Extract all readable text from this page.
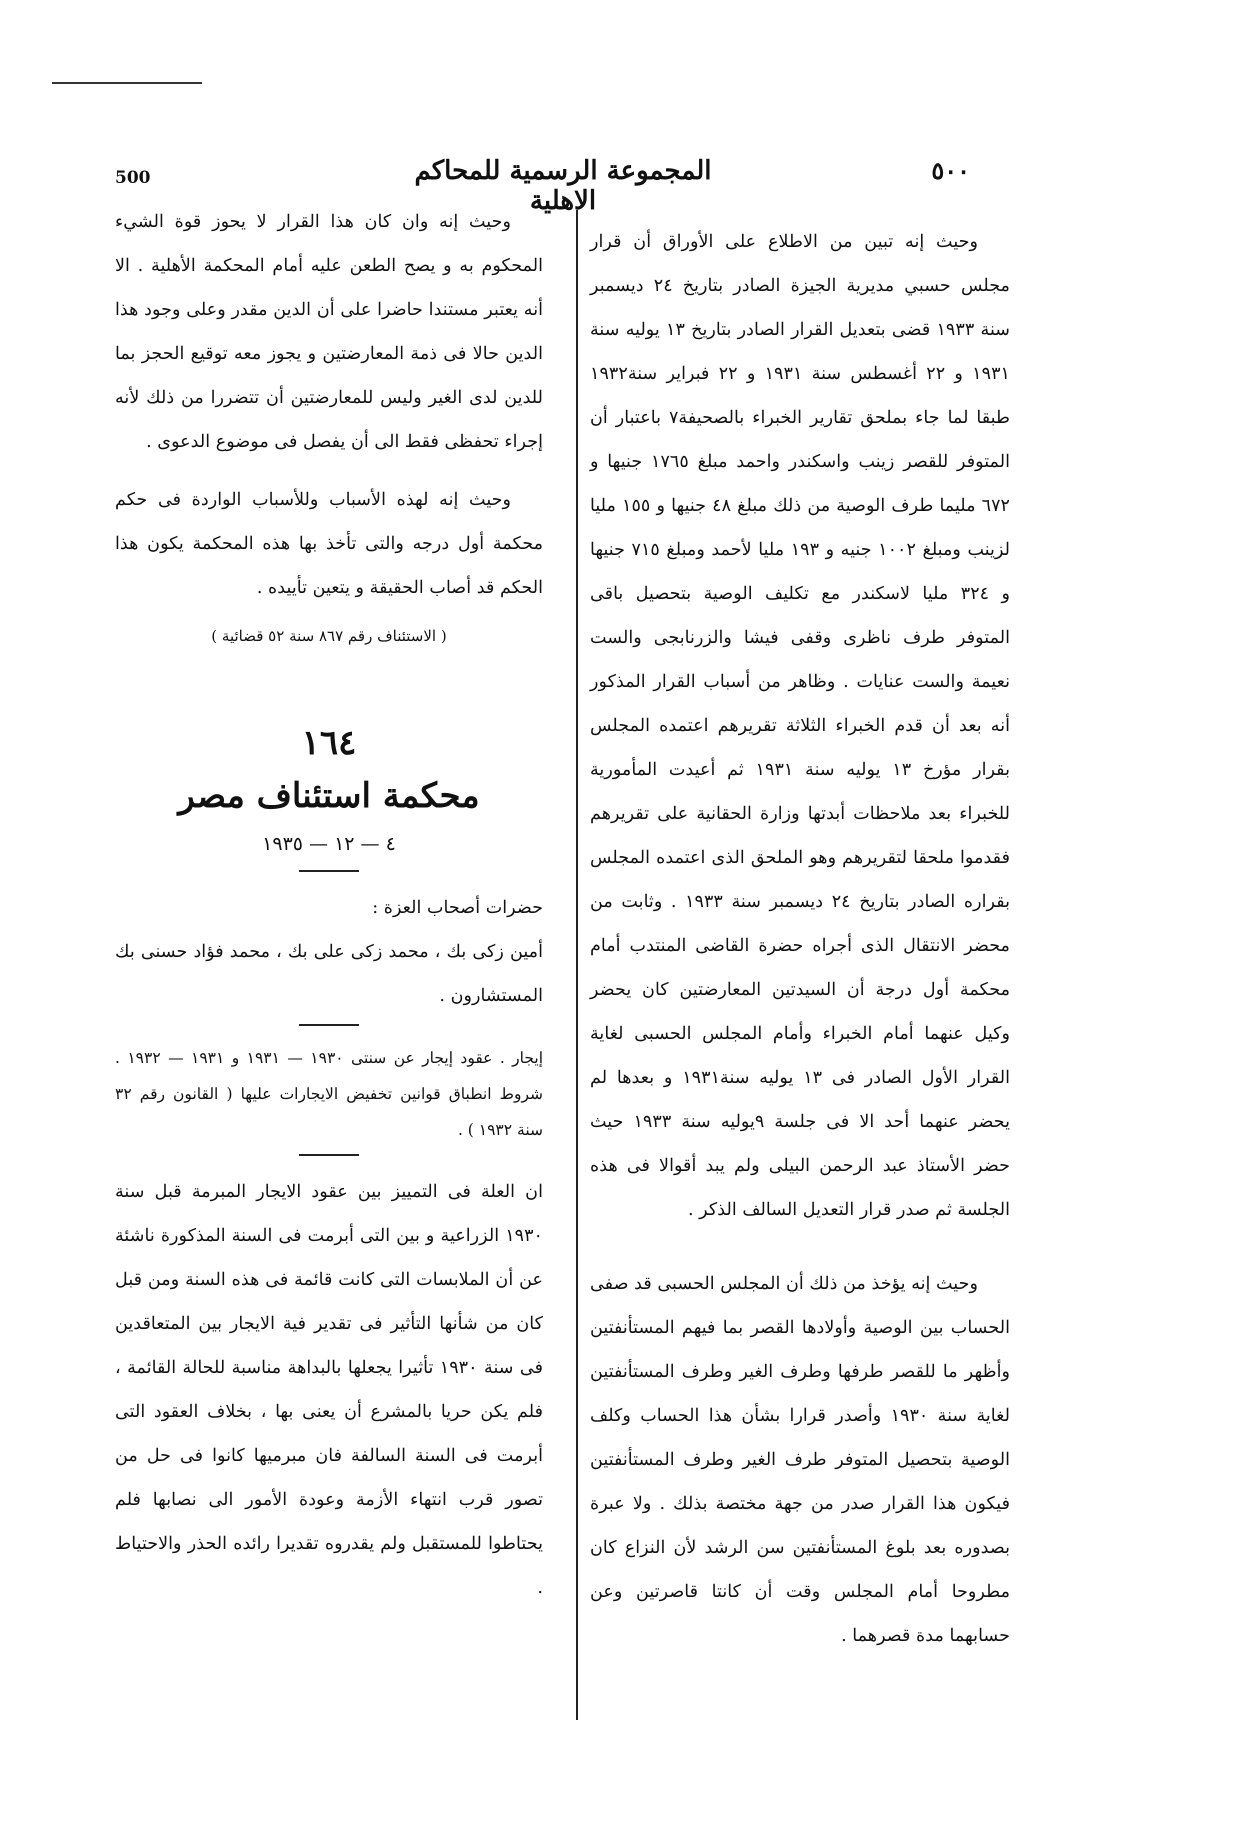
500	المجموعة الرسمية للمحاكم الاهلية
٥٠٠

وحيث إنه تبين من الاطلاع على الأوراق أن قرار مجلس حسبي مديرية الجيزة الصادر بتاريخ ٢٤ ديسمبر سنة ١٩٣٣ قضى بتعديل القرار الصادر بتاريخ ١٣ يوليه سنة ١٩٣١ و ٢٢ أغسطس سنة ١٩٣١ و ٢٢ فبراير سنة١٩٣٢ طبقا لما جاء بملحق تقارير الخبراء بالصحيفة٧ باعتبار أن المتوفر للقصر زينب واسكندر واحمد مبلغ ١٧٦٥ جنيها و ٦٧٢ مليما طرف الوصية من ذلك مبلغ ٤٨ جنيها و ١٥٥ مليا لزينب ومبلغ ١٠٠٢ جنيه و ١٩٣ مليا لأحمد ومبلغ ٧١٥ جنيها و ٣٢٤ مليا لاسكندر مع تكليف الوصية بتحصيل باقى المتوفر طرف ناظرى وقفى فيشا والزرنابجى والست نعيمة والست عنايات . وظاهر من أسباب القرار المذكور أنه بعد أن قدم الخبراء الثلاثة تقريرهم اعتمده المجلس بقرار مؤرخ ١٣ يوليه سنة ١٩٣١ ثم أعيدت المأمورية للخبراء بعد ملاحظات أبدتها وزارة الحقانية على تقريرهم فقدموا ملحقا لتقريرهم وهو الملحق الذى اعتمده المجلس بقراره الصادر بتاريخ ٢٤ ديسمبر سنة ١٩٣٣ . وثابت من محضر الانتقال الذى أجراه حضرة القاضى المنتدب أمام محكمة أول درجة أن السيدتين المعارضتين كان يحضر وكيل عنهما أمام الخبراء وأمام المجلس الحسبى لغاية القرار الأول الصادر فى ١٣ يوليه سنة١٩٣١ و بعدها لم يحضر عنهما أحد الا فى جلسة ٩يوليه سنة ١٩٣٣ حيث حضر الأستاذ عبد الرحمن البيلى ولم يبد أقوالا فى هذه الجلسة ثم صدر قرار التعديل السالف الذكر .

وحيث إنه يؤخذ من ذلك أن المجلس الحسبى قد صفى الحساب بين الوصية وأولادها القصر بما فيهم المستأنفتين وأظهر ما للقصر طرفها وطرف الغير وطرف المستأنفتين لغاية سنة ١٩٣٠ وأصدر قرارا بشأن هذا الحساب وكلف الوصية بتحصيل المتوفر طرف الغير وطرف المستأنفتين فيكون هذا القرار صدر من جهة مختصة بذلك . ولا عبرة بصدوره بعد بلوغ المستأنفتين سن الرشد لأن النزاع كان مطروحا أمام المجلس وقت أن كانتا قاصرتين وعن حسابهما مدة قصرهما .

وحيث إنه وان كان هذا القرار لا يحوز قوة الشيء المحكوم به و يصح الطعن عليه أمام المحكمة الأهلية . الا أنه يعتبر مستندا حاضرا على أن الدين مقدر وعلى وجود هذا الدين حالا فى ذمة المعارضتين و يجوز معه توقيع الحجز بما للدين لدى الغير وليس للمعارضتين أن تتضررا من ذلك لأنه إجراء تحفظى فقط الى أن يفصل فى موضوع الدعوى .

وحيث إنه لهذه الأسباب وللأسباب الواردة فى حكم محكمة أول درجه والتى تأخذ بها هذه المحكمة يكون هذا الحكم قد أصاب الحقيقة و يتعين تأييده .

( الاستئناف رقم ٨٦٧ سنة ٥٢ قضائية )
١٦٤
محكمة استئناف مصر
٤ — ١٢ — ١٩٣٥

حضرات أصحاب العزة :

أمين زكى بك ، محمد زكى على بك ، محمد فؤاد حسنى بك المستشارون .

إيجار . عقود إيجار عن سنتى ١٩٣٠ — ١٩٣١ و ١٩٣١ — ١٩٣٢ . شروط انطباق قوانين تخفيض الايجارات عليها ( القانون رقم ٣٢ سنة ١٩٣٢ ) .

ان العلة فى التمييز بين عقود الايجار المبرمة قبل سنة ١٩٣٠ الزراعية و بين التى أبرمت فى السنة المذكورة ناشئة عن أن الملابسات التى كانت قائمة فى هذه السنة ومن قبل كان من شأنها التأثير فى تقدير فية الايجار بين المتعاقدين فى سنة ١٩٣٠ تأثيرا يجعلها بالبداهة مناسبة للحالة القائمة ، فلم يكن حريا بالمشرع أن يعنى بها ، بخلاف العقود التى أبرمت فى السنة السالفة فان مبرميها كانوا فى حل من تصور قرب انتهاء الأزمة وعودة الأمور الى نصابها فلم يحتاطوا للمستقبل ولم يقدروه تقديرا رائده الحذر والاحتياط .
